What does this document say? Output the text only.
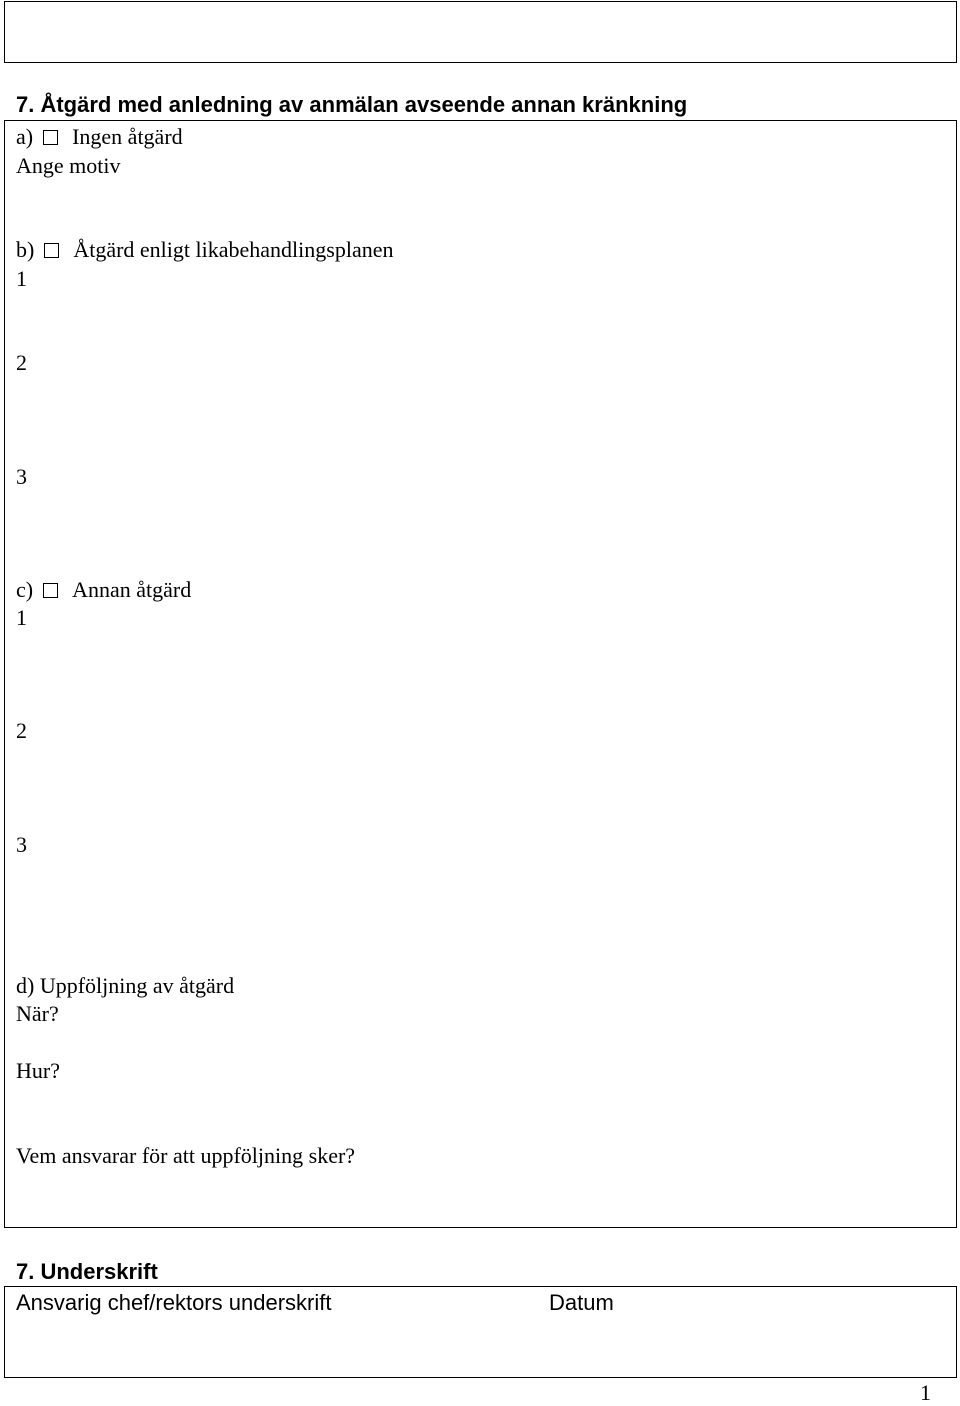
7. Åtgärd med anledning av anmälan avseende annan kränkning
a) Ingen åtgärd
Ange motiv
b) Åtgärd enligt likabehandlingsplanen
1
2
3
c) Annan åtgärd
1
2
3
d) Uppföljning av åtgärd
När?
Hur?
Vem ansvarar för att uppföljning sker?
7. Underskrift
Ansvarig chef/rektors underskrift	Datum
1
